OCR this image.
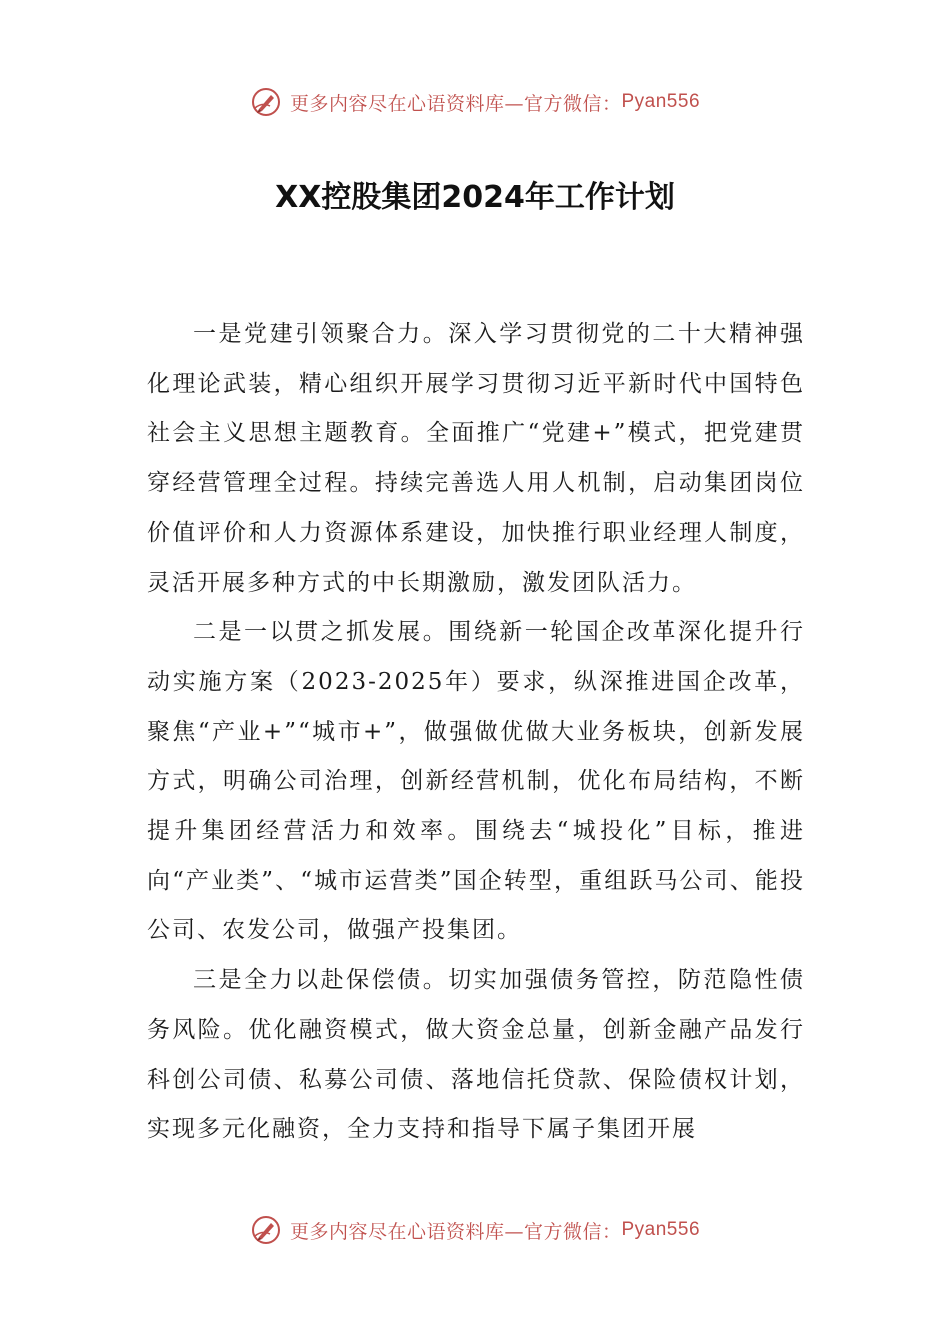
更多内容尽在心语资料库—官方微信： Pyan556
XX控股集团2024年工作计划

一是党建引领聚合力。深入学习贯彻党的二十大精神强化理论武装，精心组织开展学习贯彻习近平新时代中国特色社会主义思想主题教育。全面推广“党建+”模式，把党建贯穿经营管理全过程。持续完善选人用人机制，启动集团岗位价值评价和人力资源体系建设，加快推行职业经理人制度，灵活开展多种方式的中长期激励，激发团队活力。

二是一以贯之抓发展。围绕新一轮国企改革深化提升行动实施方案（2023-2025年）要求，纵深推进国企改革，聚焦“产业+”“城市+”，做强做优做大业务板块，创新发展方式，明确公司治理，创新经营机制，优化布局结构，不断提升集团经营活力和效率。围绕去“城投化”目标，推进向“产业类”、“城市运营类”国企转型，重组跃马公司、能投公司、农发公司，做强产投集团。

三是全力以赴保偿债。切实加强债务管控，防范隐性债务风险。优化融资模式，做大资金总量，创新金融产品发行科创公司债、私募公司债、落地信托贷款、保险债权计划，实现多元化融资，全力支持和指导下属子集团开展

更多内容尽在心语资料库—官方微信： Pyan556
